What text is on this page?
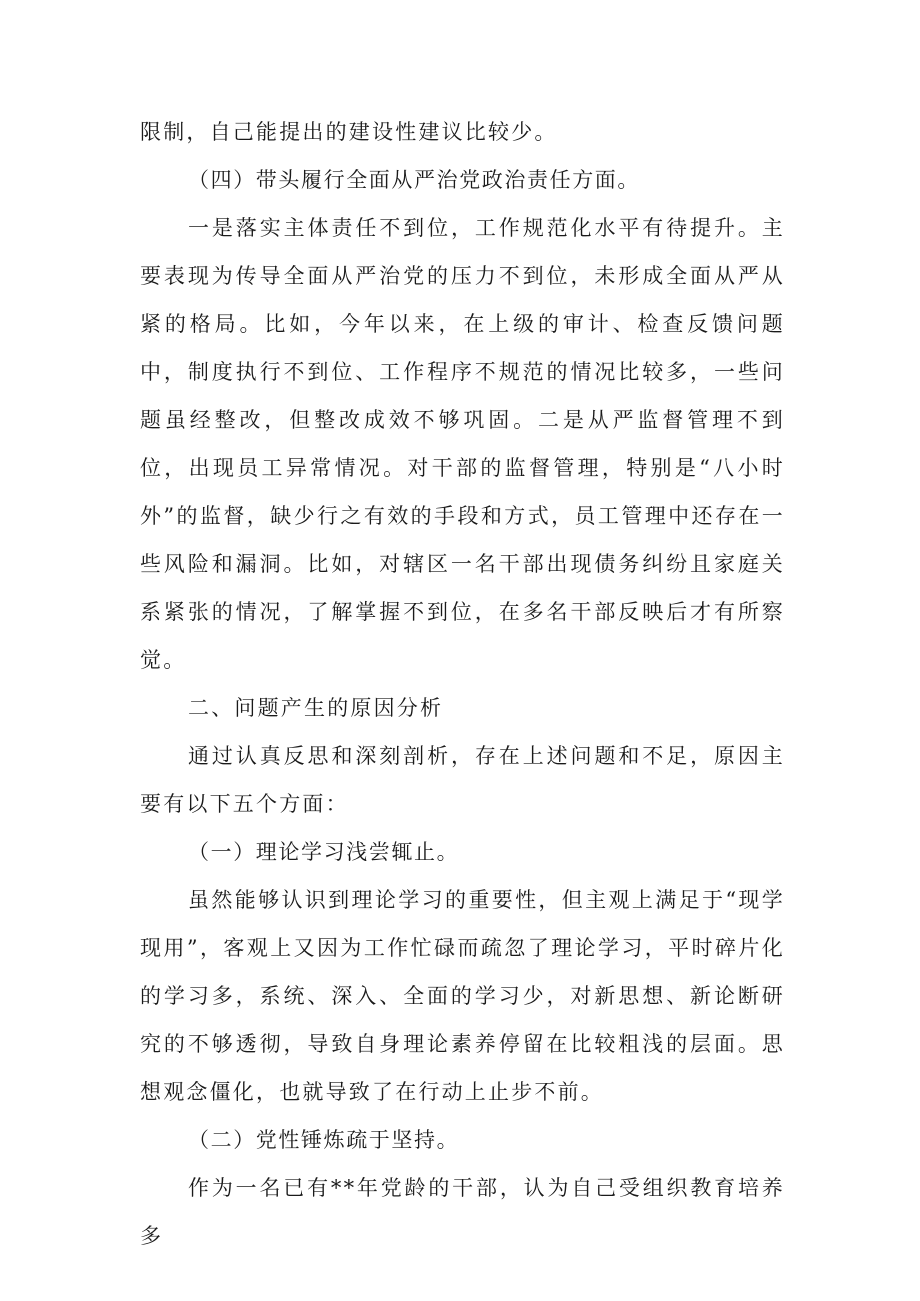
限制，自己能提出的建设性建议比较少。

（四）带头履行全面从严治党政治责任方面。

一是落实主体责任不到位，工作规范化水平有待提升。主要表现为传导全面从严治党的压力不到位，未形成全面从严从紧的格局。比如，今年以来，在上级的审计、检查反馈问题中，制度执行不到位、工作程序不规范的情况比较多，一些问题虽经整改，但整改成效不够巩固。二是从严监督管理不到位，出现员工异常情况。对干部的监督管理，特别是“八小时外”的监督，缺少行之有效的手段和方式，员工管理中还存在一些风险和漏洞。比如，对辖区一名干部出现债务纠纷且家庭关系紧张的情况，了解掌握不到位，在多名干部反映后才有所察觉。

二、问题产生的原因分析

通过认真反思和深刻剖析，存在上述问题和不足，原因主要有以下五个方面：

（一）理论学习浅尝辄止。

虽然能够认识到理论学习的重要性，但主观上满足于“现学现用”，客观上又因为工作忙碌而疏忽了理论学习，平时碎片化的学习多，系统、深入、全面的学习少，对新思想、新论断研究的不够透彻，导致自身理论素养停留在比较粗浅的层面。思想观念僵化，也就导致了在行动上止步不前。

（二）党性锤炼疏于坚持。

作为一名已有**年党龄的干部，认为自己受组织教育培养多
